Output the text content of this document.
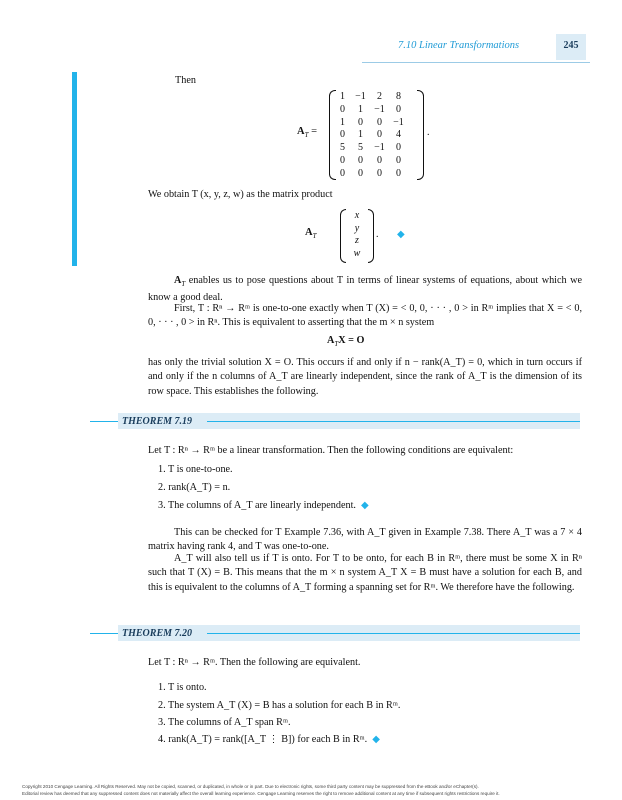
7.10 Linear Transformations	245
Then
$A_T$ =
1	−1	2	8
0	1	−1	0
1	0	0	−1
0	1	0	4
5	5	−1	0
0	0	0	0
0	0	0	0
.
We obtain T (x, y, z, w) as the matrix product
$A_T$
x
y
z
w
. ◆
$A_T$ enables us to pose questions about T in terms of linear systems of equations, about which we know a good deal.
First, T : Rⁿ → Rᵐ is one-to-one exactly when T (X) = < 0, 0, · · · , 0 > in Rᵐ implies that X = < 0, 0, · · · , 0 > in Rⁿ. This is equivalent to asserting that the m × n system
$A_TX = O$
has only the trivial solution X = O. This occurs if and only if n − rank(A_T) = 0, which in turn occurs if and only if the n columns of A_T are linearly independent, since the rank of A_T is the dimension of its row space. This establishes the following.
THEOREM 7.19
Let T : Rⁿ → Rᵐ be a linear transformation. Then the following conditions are equivalent:
1. T is one-to-one.
2. rank(A_T) = n.
3. The columns of A_T are linearly independent. ◆
This can be checked for T Example 7.36, with A_T given in Example 7.38. There A_T was a 7 × 4 matrix having rank 4, and T was one-to-one.
A_T will also tell us if T is onto. For T to be onto, for each B in Rᵐ, there must be some X in Rⁿ such that T (X) = B. This means that the m × n system A_T X = B must have a solution for each B, and this is equivalent to the columns of A_T forming a spanning set for Rᵐ. We therefore have the following.
THEOREM 7.20
Let T : Rⁿ → Rᵐ. Then the following are equivalent.
1. T is onto.
2. The system A_T (X) = B has a solution for each B in Rᵐ.
3. The columns of A_T span Rᵐ.
4. rank(A_T) = rank([A_T ⋮ B]) for each B in Rᵐ. ◆
Copyright 2010 Cengage Learning. All Rights Reserved. May not be copied, scanned, or duplicated, in whole or in part. Due to electronic rights, some third party content may be suppressed from the eBook and/or eChapter(s).
Editorial review has deemed that any suppressed content does not materially affect the overall learning experience. Cengage Learning reserves the right to remove additional content at any time if subsequent rights restrictions require it.
